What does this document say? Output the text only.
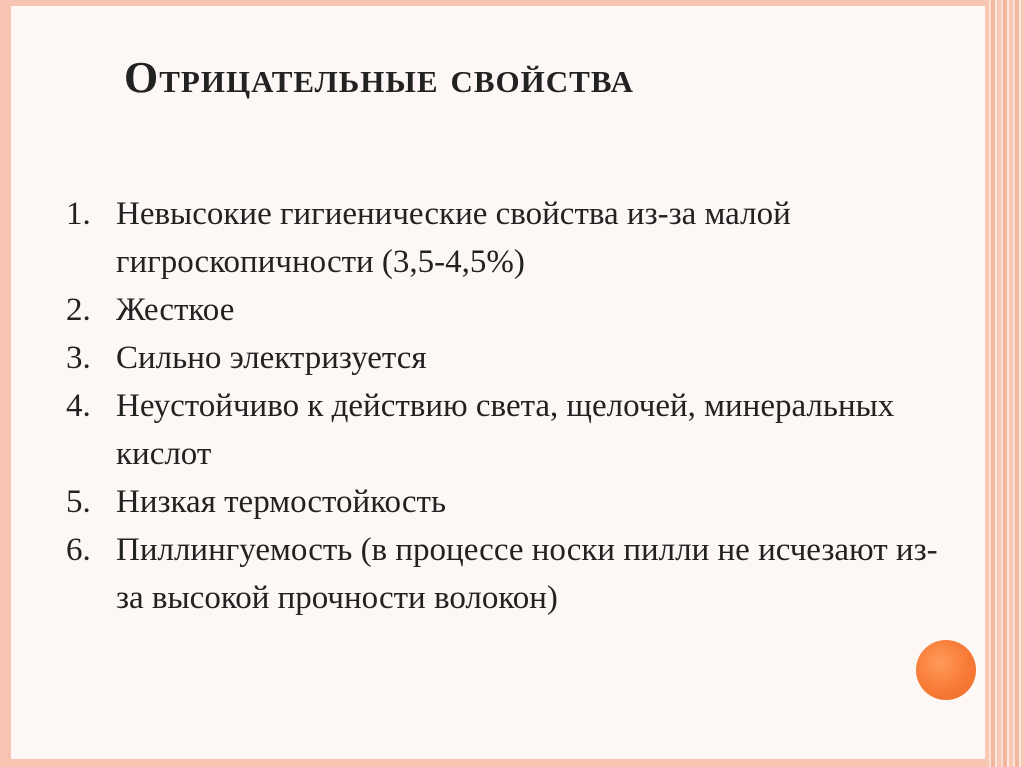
Отрицательные свойства
1. Невысокие гигиенические свойства из-за малой гигроскопичности (3,5-4,5%)
2. Жесткое
3. Сильно электризуется
4. Неустойчиво к действию света, щелочей, минеральных кислот
5. Низкая термостойкость
6. Пиллингуемость (в процессе носки пилли не исчезают из-за высокой прочности волокон)
